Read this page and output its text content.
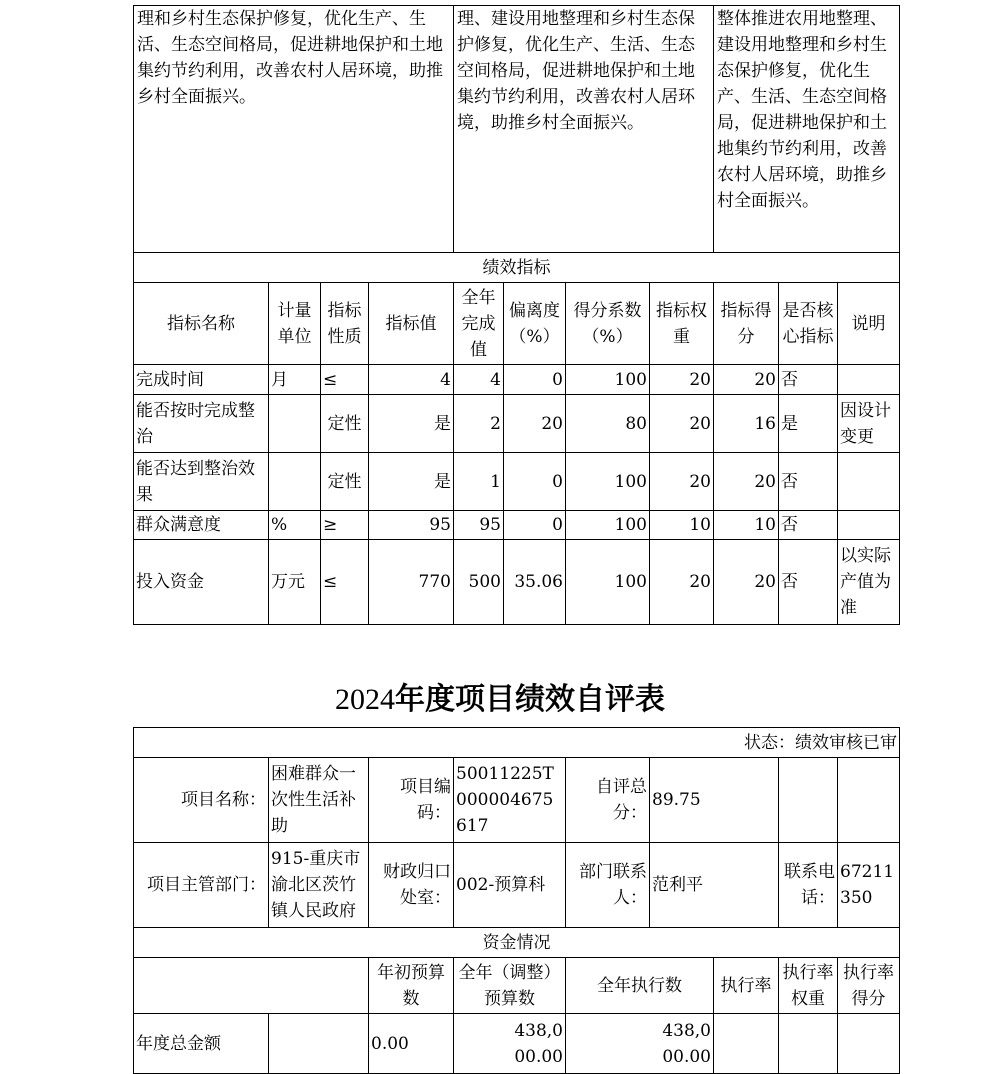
理和乡村生态保护修复，优化生产、生活、生态空间格局，促进耕地保护和土地集约节约利用，改善农村人居环境，助推乡村全面振兴。				理、建设用地整理和乡村生态保护修复，优化生产、生活、生态空间格局，促进耕地保护和土地集约节约利用，改善农村人居环境，助推乡村全面振兴。				整体推进农用地整理、建设用地整理和乡村生态保护修复，优化生产、生活、生态空间格局，促进耕地保护和土地集约节约利用，改善农村人居环境，助推乡村全面振兴。		
绩效指标										
指标名称	计量单位	指标性质	指标值	全年完成值	偏离度（%）	得分系数（%）	指标权重	指标得分	是否核心指标	说明
完成时间	月	≤	4	4	0	100	20	20	否	
能否按时完成整治		定性	是	2	20	80	20	16	是	因设计变更
能否达到整治效果		定性	是	1	0	100	20	20	否	
群众满意度	%	≥	95	95	0	100	10	10	否	
投入资金	万元	≤	770	500	35.06	100	20	20	否	以实际产值为准
2024年度项目绩效自评表
状态：绩效审核已审								
项目名称：	困难群众一次性生活补助	项目编码：	50011225T000004675617	自评总分：	89.75			
项目主管部门：	915-重庆市渝北区茨竹镇人民政府	财政归口处室：	002-预算科	部门联系人：	范利平		联系电话：	67211350
资金情况								
		年初预算数	全年（调整）预算数	全年执行数		执行率	执行率权重	执行率得分
年度总金额		0.00	438,000.00	438,000.00				
